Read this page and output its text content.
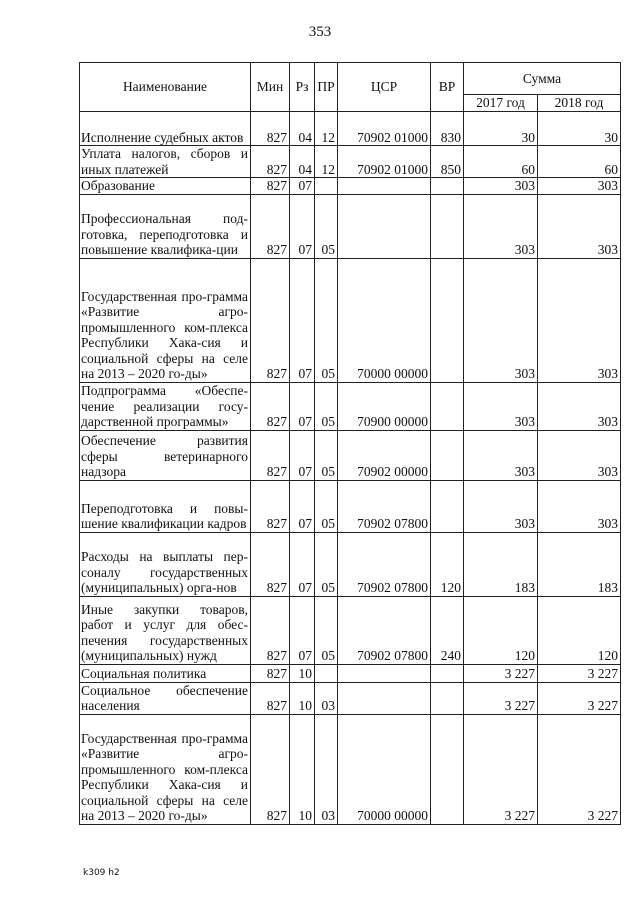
353
Наименование	Мин	Рз	ПР	ЦСР	ВР	Сумма	
						2017 год	2018 год
Исполнение судебных актов	827	04	12	70902 01000	830	30	30
Уплата налогов, сборов и иных платежей	827	04	12	70902 01000	850	60	60
Образование	827	07				303	303
Профессиональная под-готовка, переподготовка и повышение квалифика-ции	827	07	05			303	303
Государственная про-грамма «Развитие агро-промышленного ком-плекса Республики Хака-сия и социальной сферы на селе на 2013 – 2020 го-ды»	827	07	05	70000 00000		303	303
Подпрограмма «Обеспе-чение реализации госу-дарственной программы»	827	07	05	70900 00000		303	303
Обеспечение развития сферы ветеринарного надзора	827	07	05	70902 00000		303	303
Переподготовка и повы-шение квалификации кадров	827	07	05	70902 07800		303	303
Расходы на выплаты пер-соналу государственных (муниципальных) орга-нов	827	07	05	70902 07800	120	183	183
Иные закупки товаров, работ и услуг для обес-печения государственных (муниципальных) нужд	827	07	05	70902 07800	240	120	120
Социальная политика	827	10				3 227	3 227
Социальное обеспечение населения	827	10	03			3 227	3 227
Государственная про-грамма «Развитие агро-промышленного ком-плекса Республики Хака-сия и социальной сферы на селе на 2013 – 2020 го-ды»	827	10	03	70000 00000		3 227	3 227
k309 h2
